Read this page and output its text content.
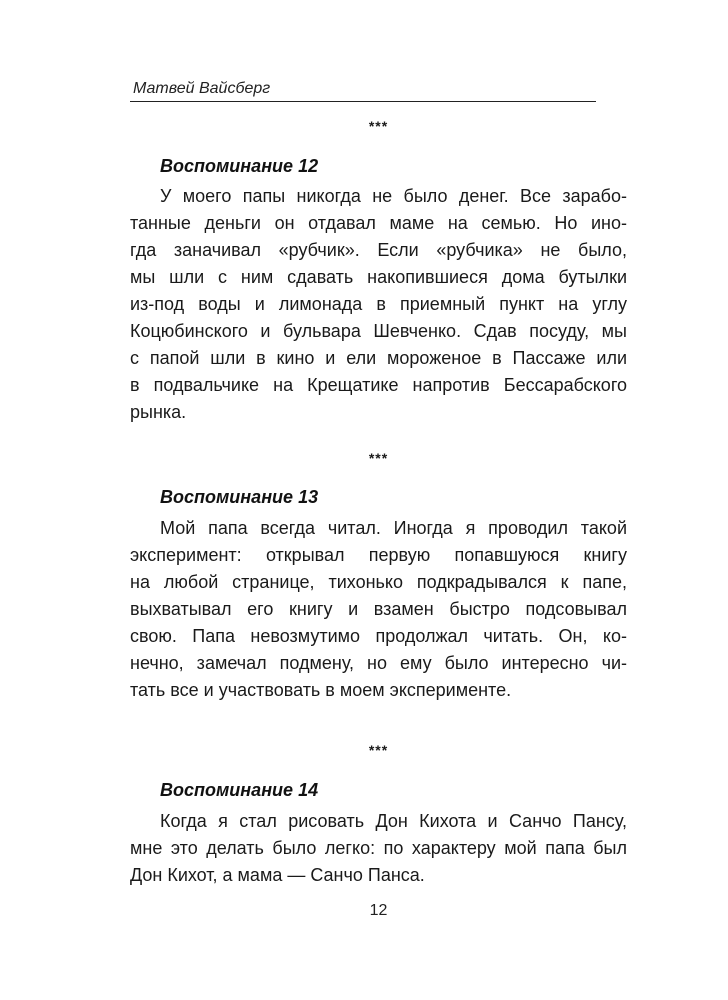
Матвей Вайсберг
***
Воспоминание 12
У моего папы никогда не было денег. Все зарабо-
танные деньги он отдавал маме на семью. Но ино-
гда заначивал «рубчик». Если «рубчика» не было,
мы шли с ним сдавать накопившиеся дома бутылки
из-под воды и лимонада в приемный пункт на углу
Коцюбинского и бульвара Шевченко. Сдав посуду, мы
с папой шли в кино и ели мороженое в Пассаже или
в подвальчике на Крещатике напротив Бессарабского
рынка.
***
Воспоминание 13
Мой папа всегда читал. Иногда я проводил такой
эксперимент: открывал первую попавшуюся книгу
на любой странице, тихонько подкрадывался к папе,
выхватывал его книгу и взамен быстро подсовывал
свою. Папа невозмутимо продолжал читать. Он, ко-
нечно, замечал подмену, но ему было интересно чи-
тать все и участвовать в моем эксперименте.
***
Воспоминание 14
Когда я стал рисовать Дон Кихота и Санчо Пансу,
мне это делать было легко: по характеру мой папа был
Дон Кихот, а мама — Санчо Панса.
12
